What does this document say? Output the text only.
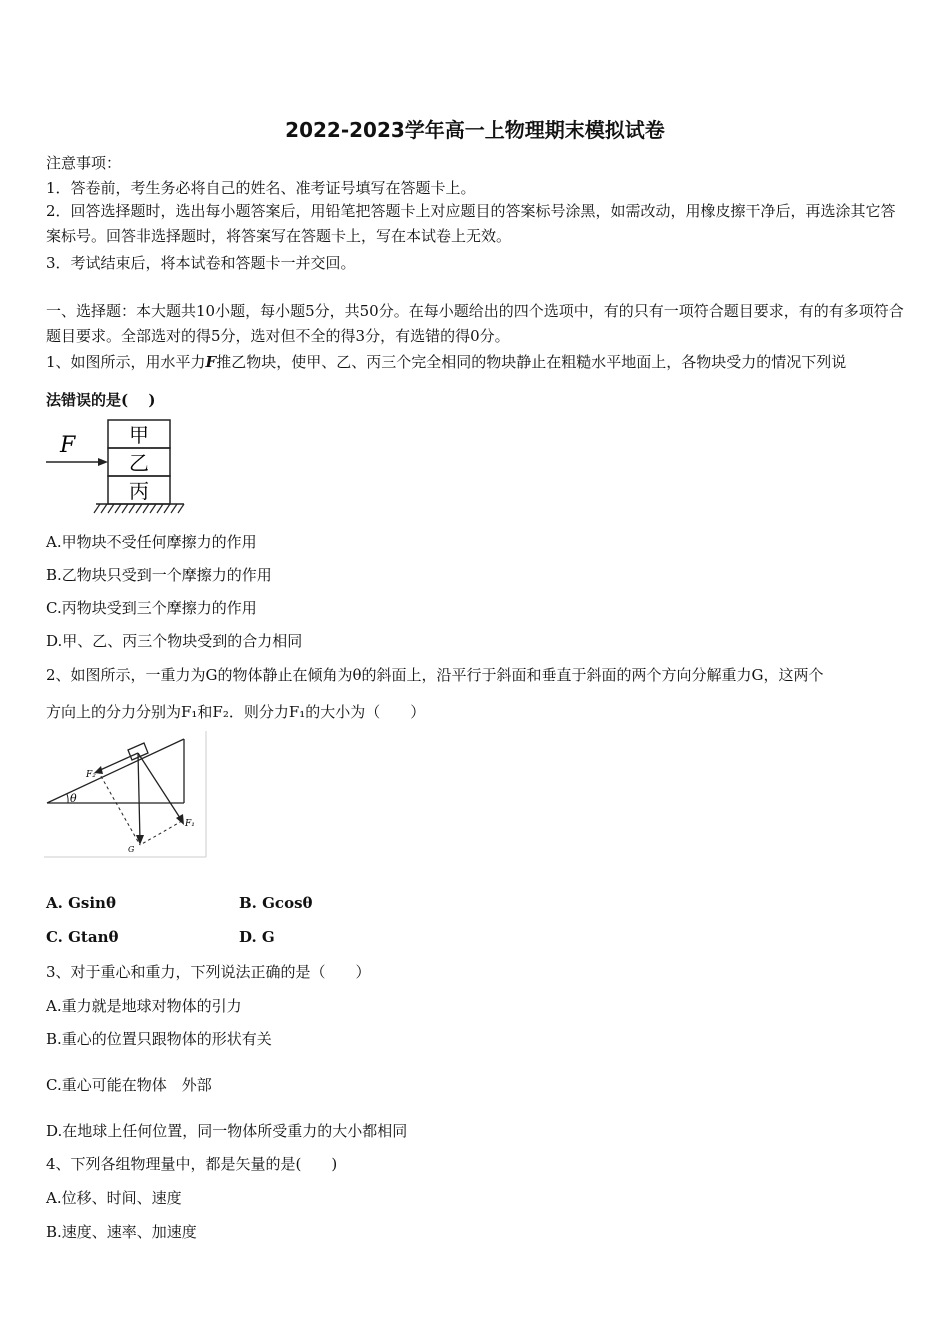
2022-2023学年高一上物理期末模拟试卷
注意事项：
1．答卷前，考生务必将自己的姓名、准考证号填写在答题卡上。
2．回答选择题时，选出每小题答案后，用铅笔把答题卡上对应题目的答案标号涂黑，如需改动，用橡皮擦干净后，再选涂其它答案标号。回答非选择题时，将答案写在答题卡上，写在本试卷上无效。
3．考试结束后，将本试卷和答题卡一并交回。
一、选择题：本大题共10小题，每小题5分，共50分。在每小题给出的四个选项中，有的只有一项符合题目要求，有的有多项符合题目要求。全部选对的得5分，选对但不全的得3分，有选错的得0分。
1、如图所示，用水平力F推乙物块，使甲、乙、丙三个完全相同的物块静止在粗糙水平地面上，各物块受力的情况下列说
法错误的是(　 )
甲
乙
丙
F
A.甲物块不受任何摩擦力的作用
B.乙物块只受到一个摩擦力的作用
C.丙物块受到三个摩擦力的作用
D.甲、乙、丙三个物块受到的合力相同
2、如图所示，一重力为G的物体静止在倾角为θ的斜面上，沿平行于斜面和垂直于斜面的两个方向分解重力G，这两个
方向上的分力分别为F₁和F₂．则分力F₁的大小为（　　）
F₂
θ
F₁
G
A. Gsinθ	B. Gcosθ
C. Gtanθ	D. G
3、对于重心和重力，下列说法正确的是（　　）
A.重力就是地球对物体的引力
B.重心的位置只跟物体的形状有关
C.重心可能在物体　外部
D.在地球上任何位置，同一物体所受重力的大小都相同
4、下列各组物理量中，都是矢量的是(　　)
A.位移、时间、速度
B.速度、速率、加速度
